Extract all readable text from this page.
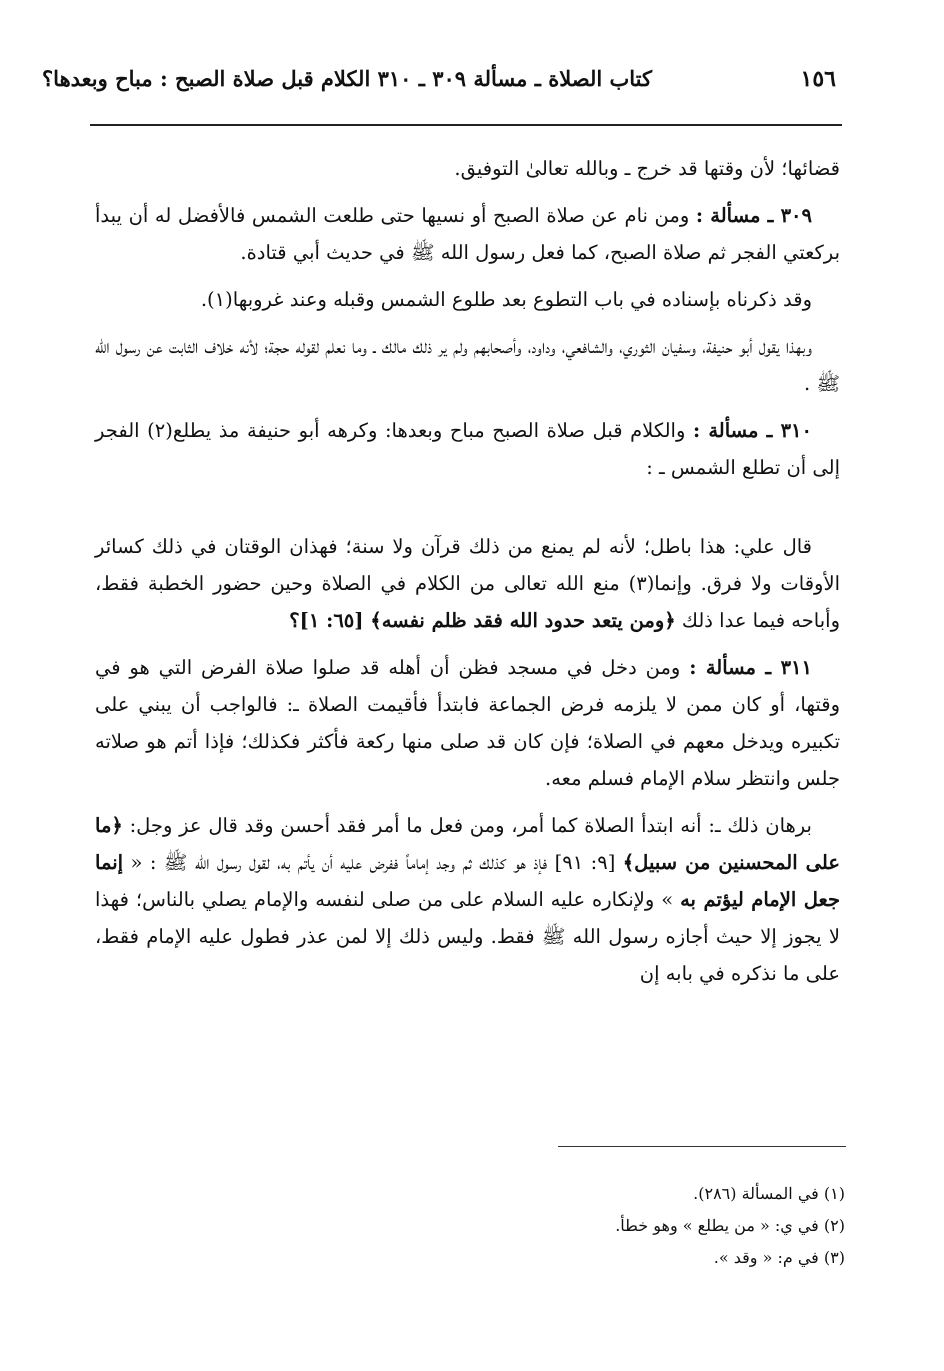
١٥٦
كتاب الصلاة ـ مسألة ٣٠٩ ـ ٣١٠ الكلام قبل صلاة الصبح : مباح وبعدها؟

قضائها؛ لأن وقتها قد خرج ـ وبالله تعالىٰ التوفيق.

٣٠٩ ـ مسألة : ومن نام عن صلاة الصبح أو نسيها حتى طلعت الشمس فالأفضل له أن يبدأ بركعتي الفجر ثم صلاة الصبح، كما فعل رسول الله ﷺ في حديث أبي قتادة.

وقد ذكرناه بإسناده في باب التطوع بعد طلوع الشمس وقبله وعند غروبها(١).

وبهذا يقول أبو حنيفة، وسفيان الثوري، والشافعي، وداود، وأصحابهم ولم ير ذلك مالك ـ وما نعلم لقوله حجة؛ لأنه خلاف الثابت عن رسول الله ﷺ .

٣١٠ ـ مسألة : والكلام قبل صلاة الصبح مباح وبعدها: وكرهه أبو حنيفة مذ يطلع(٢) الفجر إلى أن تطلع الشمس ـ :

قال علي: هذا باطل؛ لأنه لم يمنع من ذلك قرآن ولا سنة؛ فهذان الوقتان في ذلك كسائر الأوقات ولا فرق. وإنما(٣) منع الله تعالى من الكلام في الصلاة وحين حضور الخطبة فقط، وأباحه فيما عدا ذلك ﴿ومن يتعد حدود الله فقد ظلم نفسه﴾ [٦٥: ١]؟

٣١١ ـ مسألة : ومن دخل في مسجد فظن أن أهله قد صلوا صلاة الفرض التي هو في وقتها، أو كان ممن لا يلزمه فرض الجماعة فابتدأ فأقيمت الصلاة ـ: فالواجب أن يبني على تكبيره ويدخل معهم في الصلاة؛ فإن كان قد صلى منها ركعة فأكثر فكذلك؛ فإذا أتم هو صلاته جلس وانتظر سلام الإمام فسلم معه.

برهان ذلك ـ: أنه ابتدأ الصلاة كما أمر، ومن فعل ما أمر فقد أحسن وقد قال عز وجل: ﴿ما على المحسنين من سبيل﴾ [٩: ٩١] فإذ هو كذلك ثم وجد إماماً ففرض عليه أن يأتم به، لقول رسول الله ﷺ : « إنما جعل الإمام ليؤتم به » ولإنكاره عليه السلام على من صلى لنفسه والإمام يصلي بالناس؛ فهذا لا يجوز إلا حيث أجازه رسول الله ﷺ فقط. وليس ذلك إلا لمن عذر فطول عليه الإمام فقط، على ما نذكره في بابه إن

(١) في المسألة (٢٨٦).

(٢) في ي: « من يطلع » وهو خطأ.

(٣) في م: « وقد ».
